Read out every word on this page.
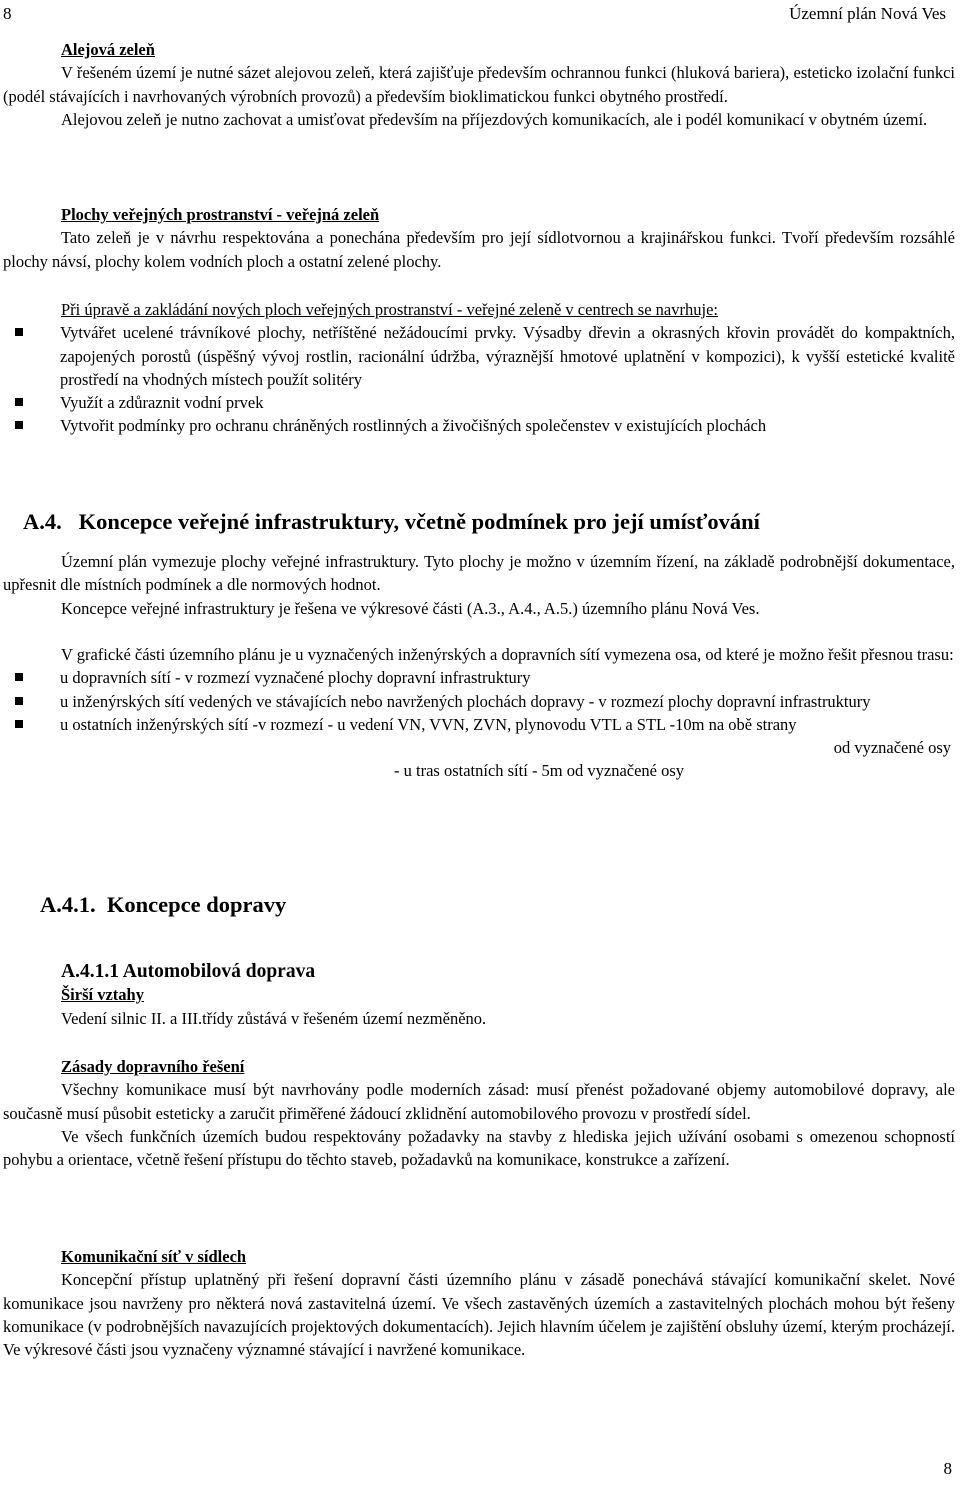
8	Územní plán Nová Ves

Alejová zeleň

V řešeném území je nutné sázet alejovou zeleň, která zajišťuje především ochrannou funkci (hluková bariera), esteticko izolační funkci (podél stávajících i navrhovaných výrobních provozů) a především bioklimatickou funkci obytného prostředí.

Alejovou zeleň je nutno zachovat a umisťovat především na příjezdových komunikacích, ale i podél komunikací v obytném území.

Plochy veřejných prostranství - veřejná zeleň

Tato zeleň je v návrhu respektována a ponechána především pro její sídlotvornou a krajinářskou funkci. Tvoří především rozsáhlé plochy návsí, plochy kolem vodních ploch a ostatní zelené plochy.

Při úpravě a zakládání nových ploch veřejných prostranství - veřejné zeleně v centrech se navrhuje:

Vytvářet ucelené trávníkové plochy, netříštěné nežádoucími prvky. Výsadby dřevin a okrasných křovin provádět do kompaktních, zapojených porostů (úspěšný vývoj rostlin, racionální údržba, výraznější hmotové uplatnění v kompozici), k vyšší estetické kvalitě prostředí na vhodných místech použít solitéry
Využít a zdůraznit vodní prvek
Vytvořit podmínky pro ochranu chráněných rostlinných a živočišných společenstev v existujících plochách
A.4.   Koncepce veřejné infrastruktury, včetně podmínek pro její umísťování

Územní plán vymezuje plochy veřejné infrastruktury. Tyto plochy je možno v územním řízení, na základě podrobnější dokumentace, upřesnit dle místních podmínek a dle normových hodnot.

Koncepce veřejné infrastruktury je řešena ve výkresové části (A.3., A.4., A.5.) územního plánu Nová Ves.

V grafické části územního plánu je u vyznačených inženýrských a dopravních sítí vymezena osa, od které je možno řešit přesnou trasu:

u dopravních sítí - v rozmezí vyznačené plochy dopravní infrastruktury
u inženýrských sítí vedených ve stávajících nebo navržených plochách dopravy - v rozmezí plochy dopravní infrastruktury
u ostatních inženýrských sítí -v rozmezí - u vedení VN, VVN, ZVN, plynovodu VTL a STL -10m na obě strany

od vyznačené osy

- u tras ostatních sítí - 5m od vyznačené osy

A.4.1.  Koncepce dopravy

A.4.1.1 Automobilová doprava

Širší vztahy

Vedení silnic II. a III.třídy zůstává v řešeném území nezměněno.

Zásady dopravního řešení

Všechny komunikace musí být navrhovány podle moderních zásad: musí přenést požadované objemy automobilové dopravy, ale současně musí působit esteticky a zaručit přiměřené žádoucí zklidnění automobilového provozu v prostředí sídel.

Ve všech funkčních územích budou respektovány požadavky na stavby z hlediska jejich užívání osobami s omezenou schopností pohybu a orientace, včetně řešení přístupu do těchto staveb, požadavků na komunikace, konstrukce a zařízení.

Komunikační síť v sídlech

Koncepční přístup uplatněný při řešení dopravní části územního plánu v zásadě ponechává stávající komunikační skelet. Nové komunikace jsou navrženy pro některá nová zastavitelná území. Ve všech zastavěných územích a zastavitelných plochách mohou být řešeny komunikace (v podrobnějších navazujících projektových dokumentacích). Jejich hlavním účelem je zajištění obsluhy území, kterým procházejí. Ve výkresové části jsou vyznačeny významné stávající i navržené komunikace.

8
